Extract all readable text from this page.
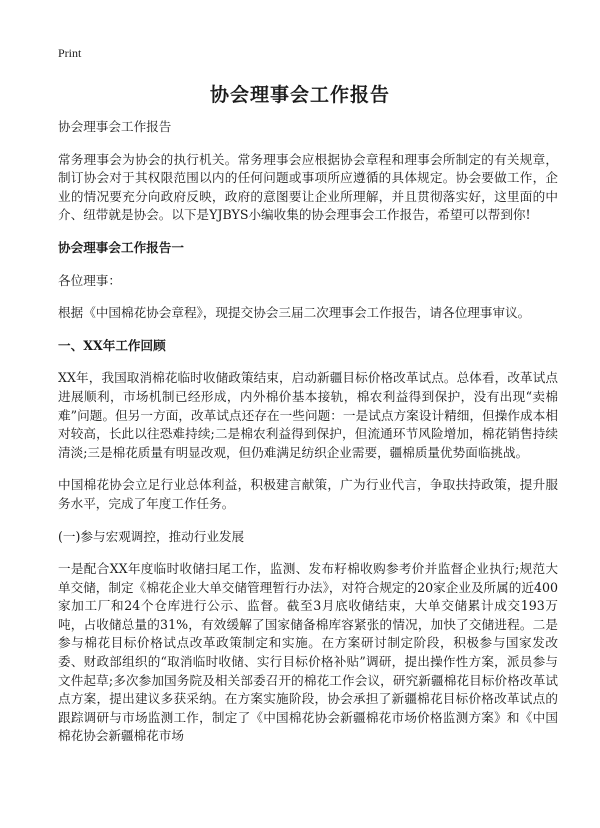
Print
协会理事会工作报告

协会理事会工作报告

常务理事会为协会的执行机关。常务理事会应根据协会章程和理事会所制定的有关规章，制订协会对于其权限范围以内的任何问题或事项所应遵循的具体规定。协会要做工作，企业的情况要充分向政府反映，政府的意图要让企业所理解，并且贯彻落实好，这里面的中介、纽带就是协会。以下是YJBYS小编收集的协会理事会工作报告，希望可以帮到你!

协会理事会工作报告一

各位理事：

根据《中国棉花协会章程》，现提交协会三届二次理事会工作报告，请各位理事审议。

一、XX年工作回顾

XX年，我国取消棉花临时收储政策结束，启动新疆目标价格改革试点。总体看，改革试点进展顺利，市场机制已经形成，内外棉价基本接轨，棉农利益得到保护，没有出现“卖棉难”问题。但另一方面，改革试点还存在一些问题：一是试点方案设计精细，但操作成本相对较高，长此以往恐难持续;二是棉农利益得到保护，但流通环节风险增加，棉花销售持续清淡;三是棉花质量有明显改观，但仍难满足纺织企业需要，疆棉质量优势面临挑战。

中国棉花协会立足行业总体利益，积极建言献策，广为行业代言，争取扶持政策，提升服务水平，完成了年度工作任务。

(一)参与宏观调控，推动行业发展

一是配合XX年度临时收储扫尾工作，监测、发布籽棉收购参考价并监督企业执行;规范大单交储，制定《棉花企业大单交储管理暂行办法》，对符合规定的20家企业及所属的近400家加工厂和24个仓库进行公示、监督。截至3月底收储结束，大单交储累计成交193万吨，占收储总量的31%，有效缓解了国家储备棉库容紧张的情况，加快了交储进程。二是参与棉花目标价格试点改革政策制定和实施。在方案研讨制定阶段，积极参与国家发改委、财政部组织的“取消临时收储、实行目标价格补贴”调研，提出操作性方案，派员参与文件起草;多次参加国务院及相关部委召开的棉花工作会议，研究新疆棉花目标价格改革试点方案，提出建议多获采纳。在方案实施阶段，协会承担了新疆棉花目标价格改革试点的跟踪调研与市场监测工作，制定了《中国棉花协会新疆棉花市场价格监测方案》和《中国棉花协会新疆棉花市场
